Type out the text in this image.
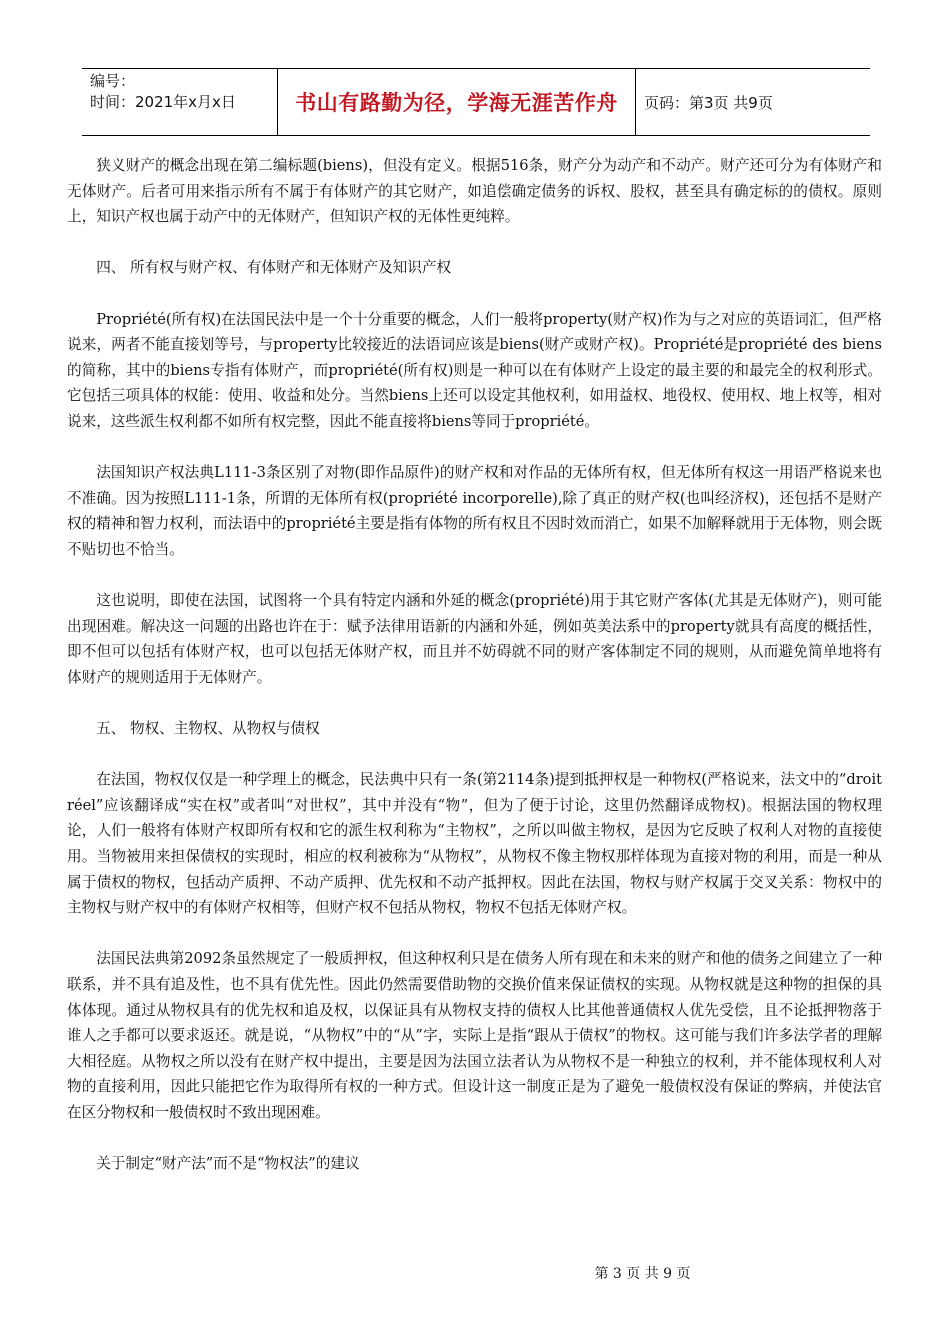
编号：
时间：2021年x月x日	书山有路勤为径，学海无涯苦作舟 页码：第3页 共9页

狭义财产的概念出现在第二编标题(biens)，但没有定义。根据516条，财产分为动产和不动产。财产还可分为有体财产和无体财产。后者可用来指示所有不属于有体财产的其它财产，如追偿确定债务的诉权、股权，甚至具有确定标的的债权。原则上，知识产权也属于动产中的无体财产，但知识产权的无体性更纯粹。

四、 所有权与财产权、有体财产和无体财产及知识产权

Propriété(所有权)在法国民法中是一个十分重要的概念，人们一般将property(财产权)作为与之对应的英语词汇，但严格说来，两者不能直接划等号，与property比较接近的法语词应该是biens(财产或财产权)。Propriété是propriété des biens的简称，其中的biens专指有体财产，而propriété(所有权)则是一种可以在有体财产上设定的最主要的和最完全的权利形式。它包括三项具体的权能：使用、收益和处分。当然biens上还可以设定其他权利，如用益权、地役权、使用权、地上权等，相对说来，这些派生权利都不如所有权完整，因此不能直接将biens等同于propriété。

法国知识产权法典L111-3条区别了对物(即作品原件)的财产权和对作品的无体所有权，但无体所有权这一用语严格说来也不准确。因为按照L111-1条，所谓的无体所有权(propriété incorporelle),除了真正的财产权(也叫经济权)，还包括不是财产权的精神和智力权利，而法语中的propriété主要是指有体物的所有权且不因时效而消亡，如果不加解释就用于无体物，则会既不贴切也不恰当。

这也说明，即使在法国，试图将一个具有特定内涵和外延的概念(propriété)用于其它财产客体(尤其是无体财产)，则可能出现困难。解决这一问题的出路也许在于：赋予法律用语新的内涵和外延，例如英美法系中的property就具有高度的概括性，即不但可以包括有体财产权，也可以包括无体财产权，而且并不妨碍就不同的财产客体制定不同的规则，从而避免简单地将有体财产的规则适用于无体财产。

五、 物权、主物权、从物权与债权

在法国，物权仅仅是一种学理上的概念，民法典中只有一条(第2114条)提到抵押权是一种物权(严格说来，法文中的“droit réel”应该翻译成“实在权”或者叫“对世权”，其中并没有“物”，但为了便于讨论，这里仍然翻译成物权)。根据法国的物权理论，人们一般将有体财产权即所有权和它的派生权利称为“主物权”，之所以叫做主物权，是因为它反映了权利人对物的直接使用。当物被用来担保债权的实现时，相应的权利被称为“从物权”，从物权不像主物权那样体现为直接对物的利用，而是一种从属于债权的物权，包括动产质押、不动产质押、优先权和不动产抵押权。因此在法国，物权与财产权属于交叉关系：物权中的主物权与财产权中的有体财产权相等，但财产权不包括从物权，物权不包括无体财产权。

法国民法典第2092条虽然规定了一般质押权，但这种权利只是在债务人所有现在和未来的财产和他的债务之间建立了一种联系，并不具有追及性，也不具有优先性。因此仍然需要借助物的交换价值来保证债权的实现。从物权就是这种物的担保的具体体现。通过从物权具有的优先权和追及权，以保证具有从物权支持的债权人比其他普通债权人优先受偿，且不论抵押物落于谁人之手都可以要求返还。就是说，“从物权”中的“从”字，实际上是指“跟从于债权”的物权。这可能与我们许多法学者的理解大相径庭。从物权之所以没有在财产权中提出，主要是因为法国立法者认为从物权不是一种独立的权利，并不能体现权利人对物的直接利用，因此只能把它作为取得所有权的一种方式。但设计这一制度正是为了避免一般债权没有保证的弊病，并使法官在区分物权和一般债权时不致出现困难。

关于制定“财产法”而不是“物权法”的建议

第 3 页 共 9 页
